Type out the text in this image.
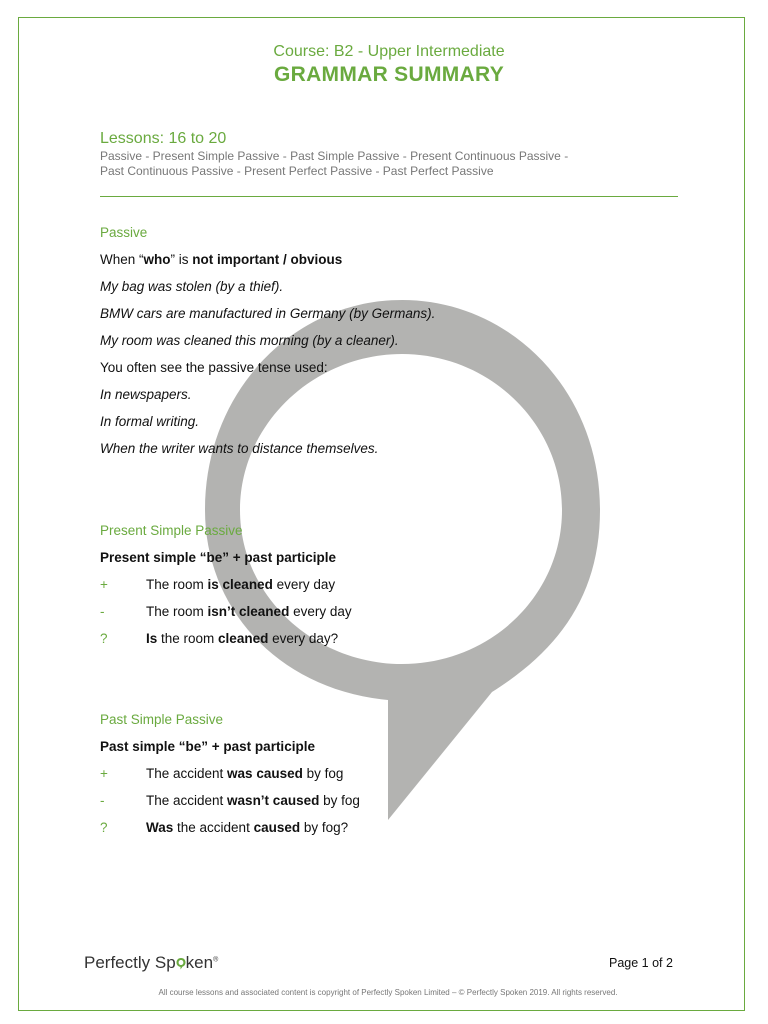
Course: B2 - Upper Intermediate
GRAMMAR SUMMARY
Lessons: 16 to 20
Passive - Present Simple Passive - Past Simple Passive - Present Continuous Passive -
Past Continuous Passive - Present Perfect Passive - Past Perfect Passive
Passive
When “who” is not important / obvious
My bag was stolen (by a thief).
BMW cars are manufactured in Germany (by Germans).
My room was cleaned this morning (by a cleaner).
You often see the passive tense used:
In newspapers.
In formal writing.
When the writer wants to distance themselves.
Present Simple Passive
Present simple “be” + past participle
+	The room is cleaned every day
-	The room isn’t cleaned every day
?	Is the room cleaned every day?
Past Simple Passive
Past simple “be” + past participle
+	The accident was caused by fog
-	The accident wasn’t caused by fog
?	Was the accident caused by fog?
Perfectly Sp ken®	Page 1 of 2
All course lessons and associated content is copyright of Perfectly Spoken Limited – © Perfectly Spoken 2019. All rights reserved.
